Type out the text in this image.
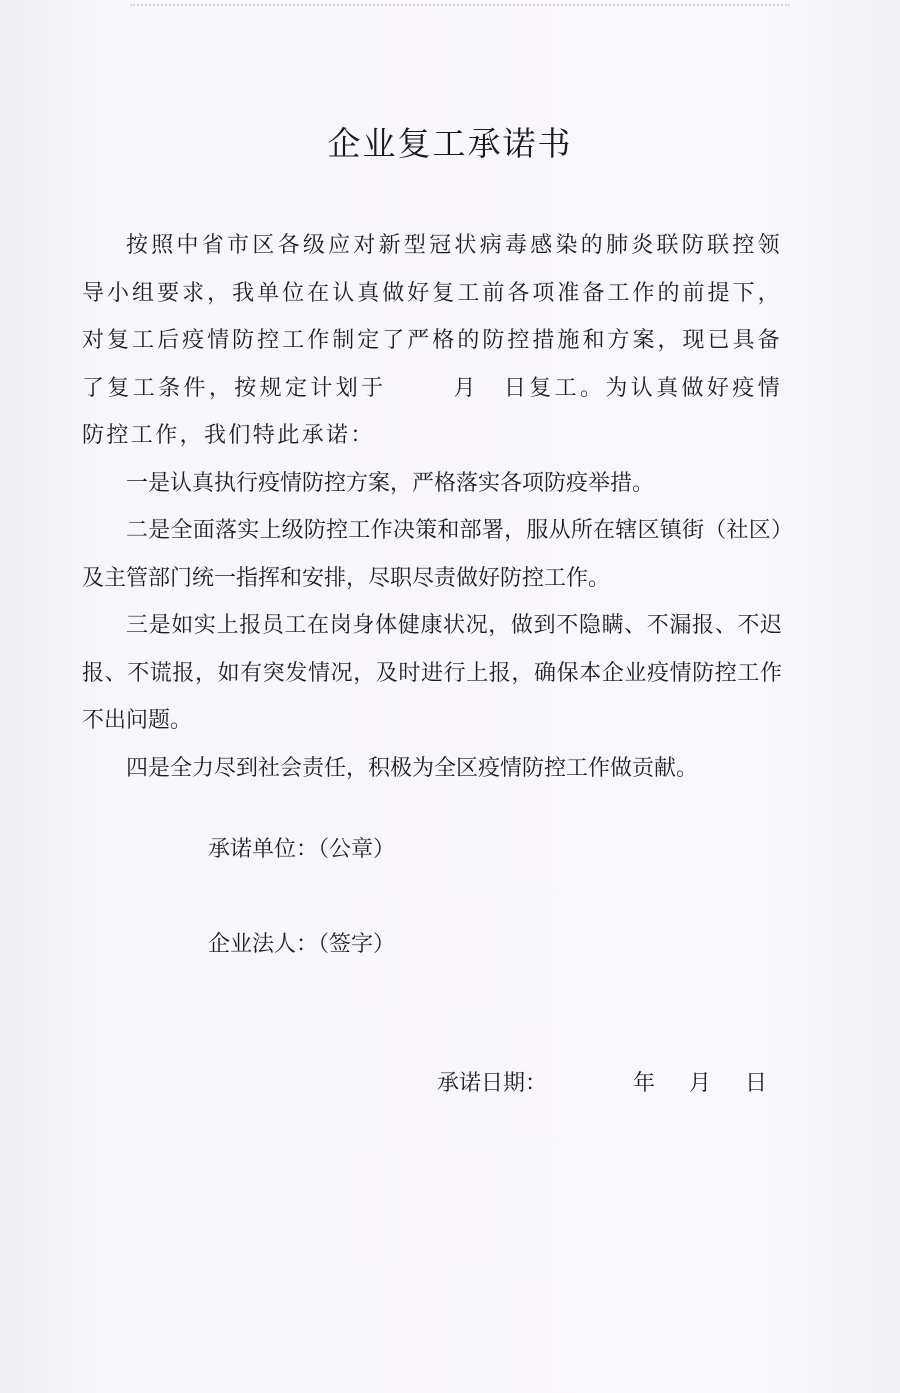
企业复工承诺书

按照中省市区各级应对新型冠状病毒感染的肺炎联防联控领导小组要求，我单位在认真做好复工前各项准备工作的前提下，对复工后疫情防控工作制定了严格的防控措施和方案，现已具备了复工条件，按规定计划于	月 日复工。为认真做好疫情防控工作，我们特此承诺：

一是认真执行疫情防控方案，严格落实各项防疫举措。

二是全面落实上级防控工作决策和部署，服从所在辖区镇街（社区）及主管部门统一指挥和安排，尽职尽责做好防控工作。

三是如实上报员工在岗身体健康状况，做到不隐瞒、不漏报、不迟报、不谎报，如有突发情况，及时进行上报，确保本企业疫情防控工作不出问题。

四是全力尽到社会责任，积极为全区疫情防控工作做贡献。

承诺单位：（公章）
企业法人：（签字）
承诺日期：	年 月 日
